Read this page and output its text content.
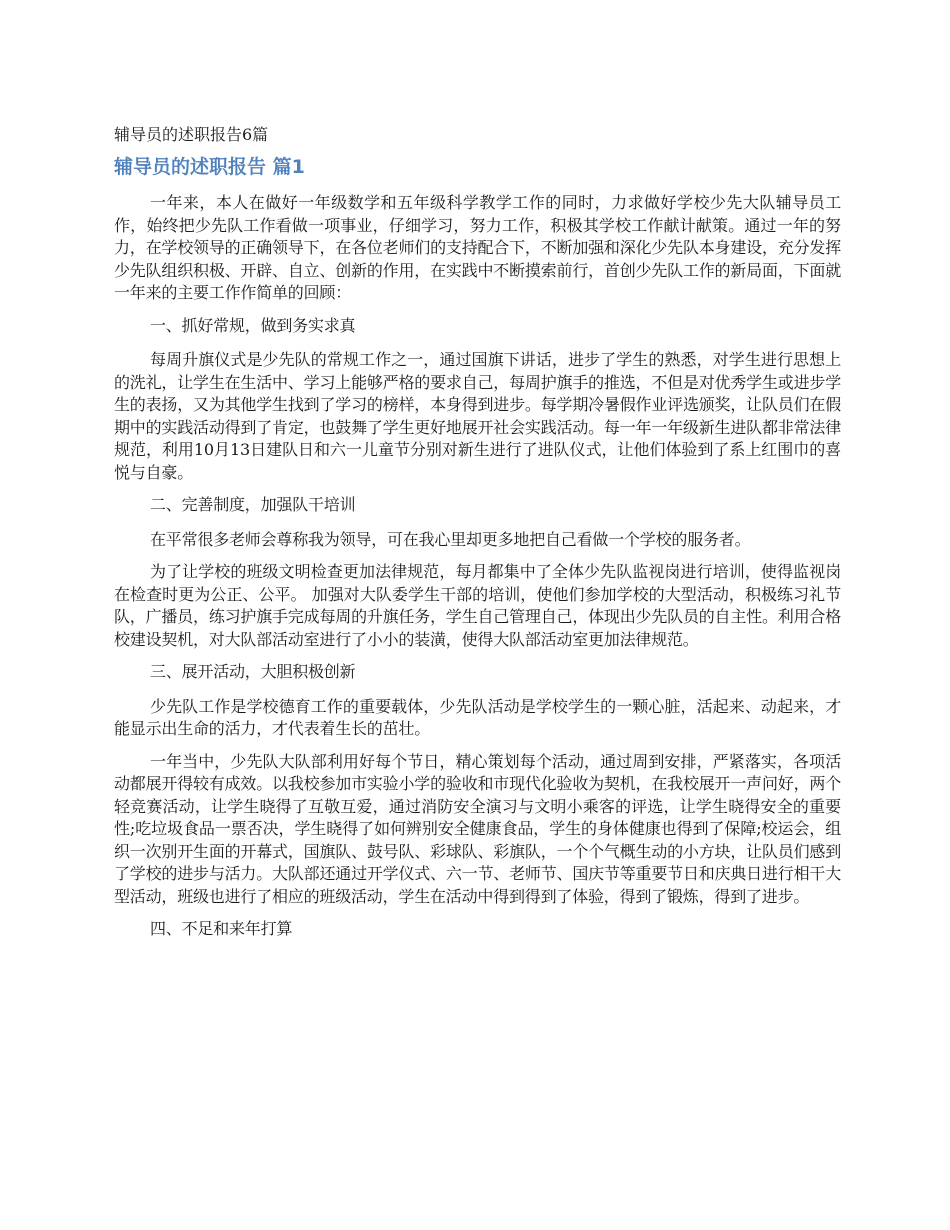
辅导员的述职报告6篇
辅导员的述职报告 篇1

一年来，本人在做好一年级数学和五年级科学教学工作的同时，力求做好学校少先大队辅导员工作，始终把少先队工作看做一项事业，仔细学习，努力工作，积极其学校工作献计献策。通过一年的努力，在学校领导的正确领导下，在各位老师们的支持配合下，不断加强和深化少先队本身建设，充分发挥少先队组织积极、开辟、自立、创新的作用，在实践中不断摸索前行，首创少先队工作的新局面，下面就一年来的主要工作作简单的回顾：

一、抓好常规，做到务实求真

每周升旗仪式是少先队的常规工作之一，通过国旗下讲话，进步了学生的熟悉，对学生进行思想上的洗礼，让学生在生活中、学习上能够严格的要求自己，每周护旗手的推选，不但是对优秀学生或进步学生的表扬，又为其他学生找到了学习的榜样，本身得到进步。每学期冷暑假作业评选颁奖，让队员们在假期中的实践活动得到了肯定，也鼓舞了学生更好地展开社会实践活动。每一年一年级新生进队都非常法律规范，利用10月13日建队日和六一儿童节分别对新生进行了进队仪式，让他们体验到了系上红围巾的喜悦与自豪。

二、完善制度，加强队干培训

在平常很多老师会尊称我为领导，可在我心里却更多地把自己看做一个学校的服务者。

为了让学校的班级文明检查更加法律规范，每月都集中了全体少先队监视岗进行培训，使得监视岗在检查时更为公正、公平。 加强对大队委学生干部的培训，使他们参加学校的大型活动，积极练习礼节队，广播员，练习护旗手完成每周的升旗任务，学生自己管理自己，体现出少先队员的自主性。利用合格校建设契机，对大队部活动室进行了小小的装潢，使得大队部活动室更加法律规范。

三、展开活动，大胆积极创新

少先队工作是学校德育工作的重要载体，少先队活动是学校学生的一颗心脏，活起来、动起来，才能显示出生命的活力，才代表着生长的茁壮。

一年当中，少先队大队部利用好每个节日，精心策划每个活动，通过周到安排，严紧落实，各项活动都展开得较有成效。以我校参加市实验小学的验收和市现代化验收为契机，在我校展开一声问好，两个轻竞赛活动，让学生晓得了互敬互爱，通过消防安全演习与文明小乘客的评选，让学生晓得安全的重要性;吃垃圾食品一票否决，学生晓得了如何辨别安全健康食品，学生的身体健康也得到了保障;校运会，组织一次别开生面的开幕式，国旗队、鼓号队、彩球队、彩旗队，一个个气概生动的小方块，让队员们感到了学校的进步与活力。大队部还通过开学仪式、六一节、老师节、国庆节等重要节日和庆典日进行相干大型活动，班级也进行了相应的班级活动，学生在活动中得到得到了体验，得到了锻炼，得到了进步。

四、不足和来年打算
